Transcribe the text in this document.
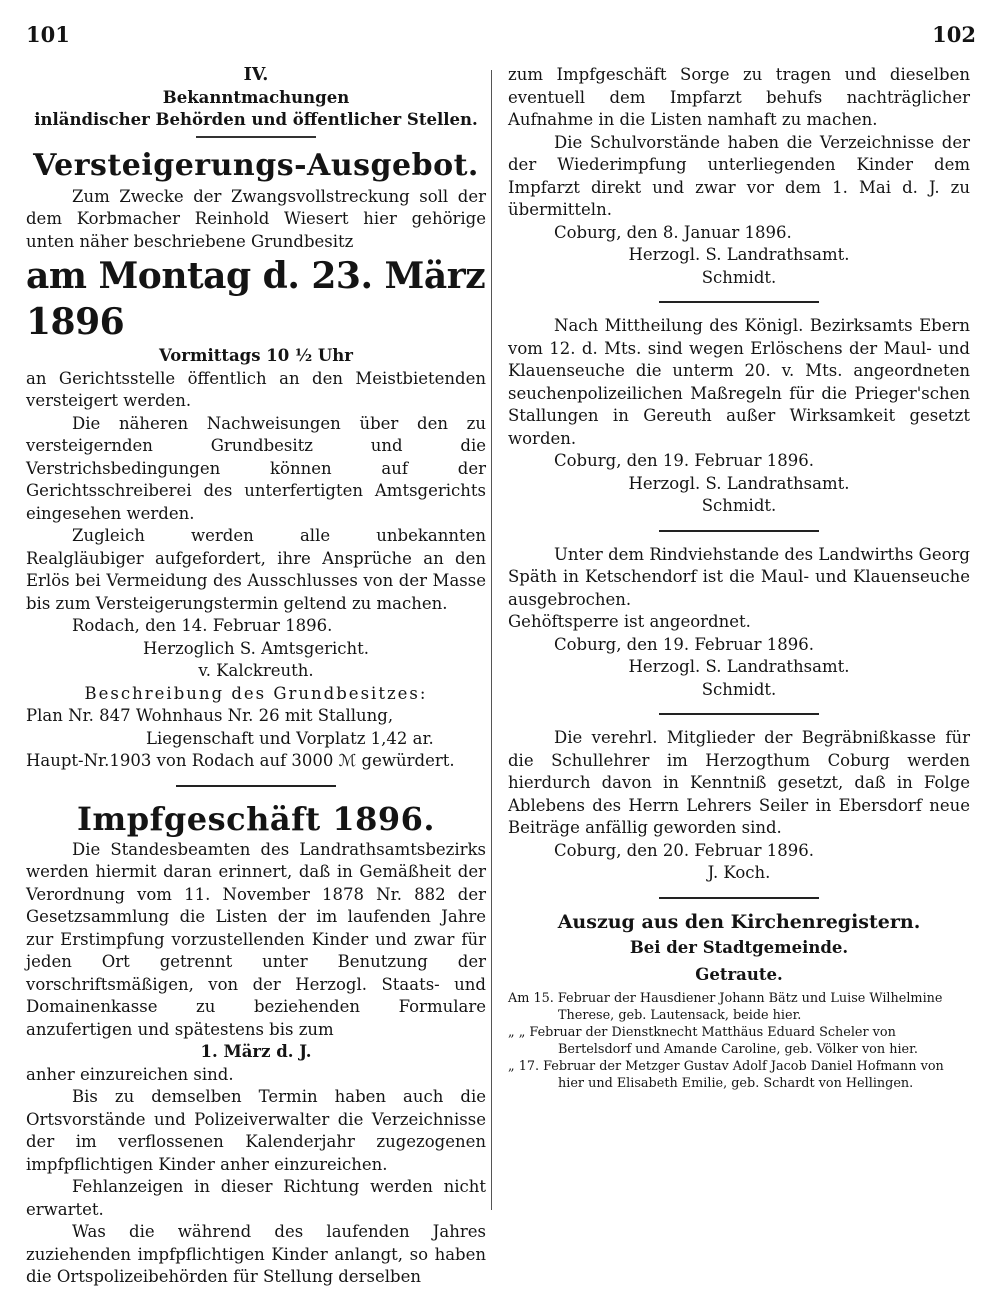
101	102

IV.

Bekanntmachungen

inländischer Behörden und öffentlicher Stellen.

Versteigerungs-Ausgebot.

Zum Zwecke der Zwangsvollstreckung soll der dem Korbmacher Reinhold Wiesert hier gehörige unten näher beschriebene Grundbesitz

am Montag d. 23. März 1896

Vormittags 10 ½ Uhr

an Gerichtsstelle öffentlich an den Meistbietenden versteigert werden.

Die näheren Nachweisungen über den zu versteigernden Grundbesitz und die Verstrichsbedingungen können auf der Gerichtsschreiberei des unterfertigten Amtsgerichts eingesehen werden.

Zugleich werden alle unbekannten Realgläubiger aufgefordert, ihre Ansprüche an den Erlös bei Vermeidung des Ausschlusses von der Masse bis zum Versteigerungstermin geltend zu machen.

Rodach, den 14. Februar 1896.

Herzoglich S. Amtsgericht.

v. Kalckreuth.

Beschreibung des Grundbesitzes:

Plan Nr. 847 Wohnhaus Nr. 26 mit Stallung,

Liegenschaft und Vorplatz 1,42 ar.

Haupt-Nr.1903 von Rodach auf 3000 ℳ gewürdert.

Impfgeschäft 1896.

Die Standesbeamten des Landrathsamtsbezirks werden hiermit daran erinnert, daß in Gemäßheit der Verordnung vom 11. November 1878 Nr. 882 der Gesetzsammlung die Listen der im laufenden Jahre zur Erstimpfung vorzustellenden Kinder und zwar für jeden Ort getrennt unter Benutzung der vorschriftsmäßigen, von der Herzogl. Staats- und Domainenkasse zu beziehenden Formulare anzufertigen und spätestens bis zum

1. März d. J.

anher einzureichen sind.

Bis zu demselben Termin haben auch die Ortsvorstände und Polizeiverwalter die Verzeichnisse der im verflossenen Kalenderjahr zugezogenen impfpflichtigen Kinder anher einzureichen.

Fehlanzeigen in dieser Richtung werden nicht erwartet.

Was die während des laufenden Jahres zuziehenden impfpflichtigen Kinder anlangt, so haben die Ortspolizeibehörden für Stellung derselben

zum Impfgeschäft Sorge zu tragen und dieselben eventuell dem Impfarzt behufs nachträglicher Aufnahme in die Listen namhaft zu machen.

Die Schulvorstände haben die Verzeichnisse der der Wiederimpfung unterliegenden Kinder dem Impfarzt direkt und zwar vor dem 1. Mai d. J. zu übermitteln.

Coburg, den 8. Januar 1896.

Herzogl. S. Landrathsamt.

Schmidt.

Nach Mittheilung des Königl. Bezirksamts Ebern vom 12. d. Mts. sind wegen Erlöschens der Maul- und Klauenseuche die unterm 20. v. Mts. angeordneten seuchenpolizeilichen Maßregeln für die Prieger'schen Stallungen in Gereuth außer Wirksamkeit gesetzt worden.

Coburg, den 19. Februar 1896.

Herzogl. S. Landrathsamt.

Schmidt.

Unter dem Rindviehstande des Landwirths Georg Späth in Ketschendorf ist die Maul- und Klauenseuche ausgebrochen.

Gehöftsperre ist angeordnet.

Coburg, den 19. Februar 1896.

Herzogl. S. Landrathsamt.

Schmidt.

Die verehrl. Mitglieder der Begräbnißkasse für die Schullehrer im Herzogthum Coburg werden hierdurch davon in Kenntniß gesetzt, daß in Folge Ablebens des Herrn Lehrers Seiler in Ebersdorf neue Beiträge anfällig geworden sind.

Coburg, den 20. Februar 1896.

J. Koch.

Auszug aus den Kirchenregistern.

Bei der Stadtgemeinde.

Getraute.

Am 15. Februar der Hausdiener Johann Bätz und Luise Wilhelmine Therese, geb. Lautensack, beide hier.

„ „ Februar der Dienstknecht Matthäus Eduard Scheler von Bertelsdorf und Amande Caroline, geb. Völker von hier.

„ 17. Februar der Metzger Gustav Adolf Jacob Daniel Hofmann von hier und Elisabeth Emilie, geb. Schardt von Hellingen.
